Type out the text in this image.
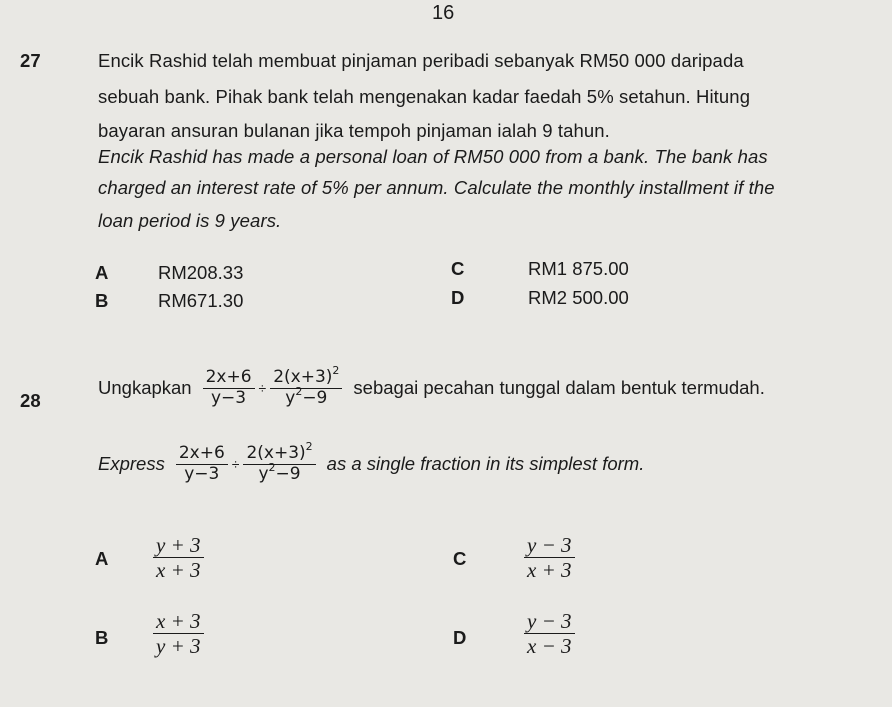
16
27	Encik Rashid telah membuat pinjaman peribadi sebanyak RM50 000 daripada
sebuah bank. Pihak bank telah mengenakan kadar faedah 5% setahun. Hitung
bayaran ansuran bulanan jika tempoh pinjaman ialah 9 tahun.
Encik Rashid has made a personal loan of RM50 000 from a bank. The bank has
charged an interest rate of 5% per annum. Calculate the monthly installment if the
loan period is 9 years.
A	RM208.33
B	RM671.30
C	RM1 875.00
D	RM2 500.00
28
Ungkapkan $\frac{2x+6}{y-3} \div \frac{2(x+3)^2}{y^2-9}$ sebagai pecahan tunggal dalam bentuk termudah.
Express $\frac{2x+6}{y-3} \div \frac{2(x+3)^2}{y^2-9}$ as a single fraction in its simplest form.
A $\frac{y + 3}{x + 3}$
B $\frac{x + 3}{y + 3}$
C	$\frac{y - 3}{x + 3}$
D	$\frac{y - 3}{x - 3}$
